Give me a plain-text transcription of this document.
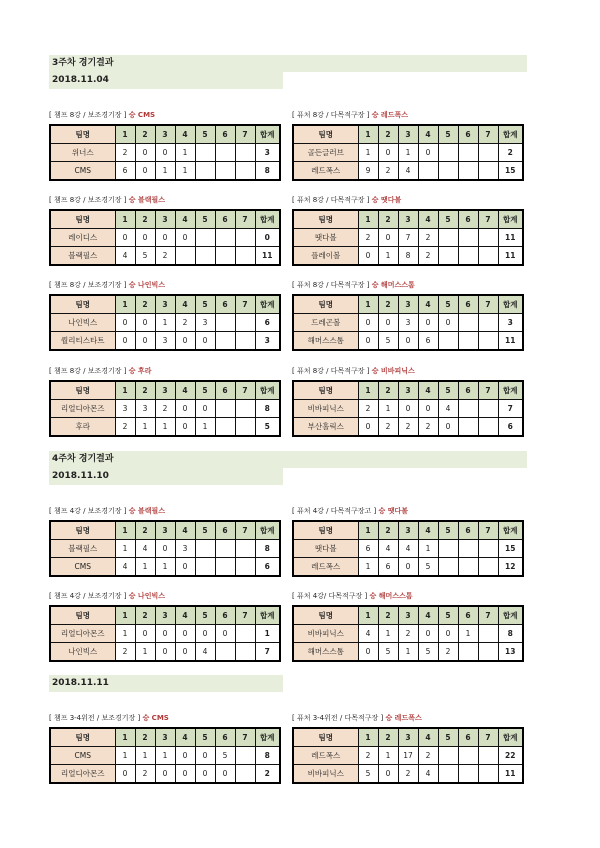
3주차 경기결과
2018.11.04
4주차 경기결과
2018.11.10
2018.11.11
[ 챔프 8강 / 보조경기장 ] 승 CMS
팀명	1	2	3	4	5	6	7	합계
위너스	2	0	0	1				3
CMS	6	0	1	1				8
[ 퓨처 8강 / 다목적구장 ] 승 레드폭스
팀명	1	2	3	4	5	6	7	합계
골든글러브	1	0	1	0				2
레드폭스	9	2	4					15
[ 챔프 8강 / 보조경기장 ] 승 블랙필스
팀명	1	2	3	4	5	6	7	합계
레이디스	0	0	0	0				0
블랙필스	4	5	2					11
[ 퓨처 8강 / 다목적구장 ] 승 땟다볼
팀명	1	2	3	4	5	6	7	합계
땟다볼	2	0	7	2				11
플레이볼	0	1	8	2				11
[ 챔프 8강 / 보조경기장 ] 승 나인빅스
팀명	1	2	3	4	5	6	7	합계
나인빅스	0	0	1	2	3			6
퀄리티스타트	0	0	3	0	0			3
[ 퓨처 8강 / 다목적구장 ] 승 해머스스톰
팀명	1	2	3	4	5	6	7	합계
드레곤볼	0	0	3	0	0			3
해머스스톰	0	5	0	6				11
[ 챔프 8강 / 보조경기장 ] 승 후라
팀명	1	2	3	4	5	6	7	합계
리얼디아몬즈	3	3	2	0	0			8
후라	2	1	1	0	1			5
[ 퓨처 8강 / 다목적구장 ] 승 비바피닉스
팀명	1	2	3	4	5	6	7	합계
비바피닉스	2	1	0	0	4			7
부산홀릭스	0	2	2	2	0			6
[ 챔프 4강 / 보조경기장 ] 승 블랙필스
팀명	1	2	3	4	5	6	7	합계
블랙필스	1	4	0	3				8
CMS	4	1	1	0				6
[ 퓨처 4강 / 다목적구장고 ] 승 땟다볼
팀명	1	2	3	4	5	6	7	합계
땟다볼	6	4	4	1				15
레드폭스	1	6	0	5				12
[ 챔프 4강 / 보조경기장 ] 승 나인빅스
팀명	1	2	3	4	5	6	7	합계
리얼디아몬즈	1	0	0	0	0	0		1
나인빅스	2	1	0	0	4			7
[ 퓨처 4강/ 다목적구장 ] 승 해머스스톰
팀명	1	2	3	4	5	6	7	합계
비바피닉스	4	1	2	0	0	1		8
해머스스톰	0	5	1	5	2			13
[ 챔프 3-4위전 / 보조경기장 ] 승 CMS
팀명	1	2	3	4	5	6	7	합계
CMS	1	1	1	0	0	5		8
리얼디아몬즈	0	2	0	0	0	0		2
[ 퓨처 3-4위전 / 다목적구장 ] 승 레드폭스
팀명	1	2	3	4	5	6	7	합계
레드폭스	2	1	17	2				22
비바피닉스	5	0	2	4				11
